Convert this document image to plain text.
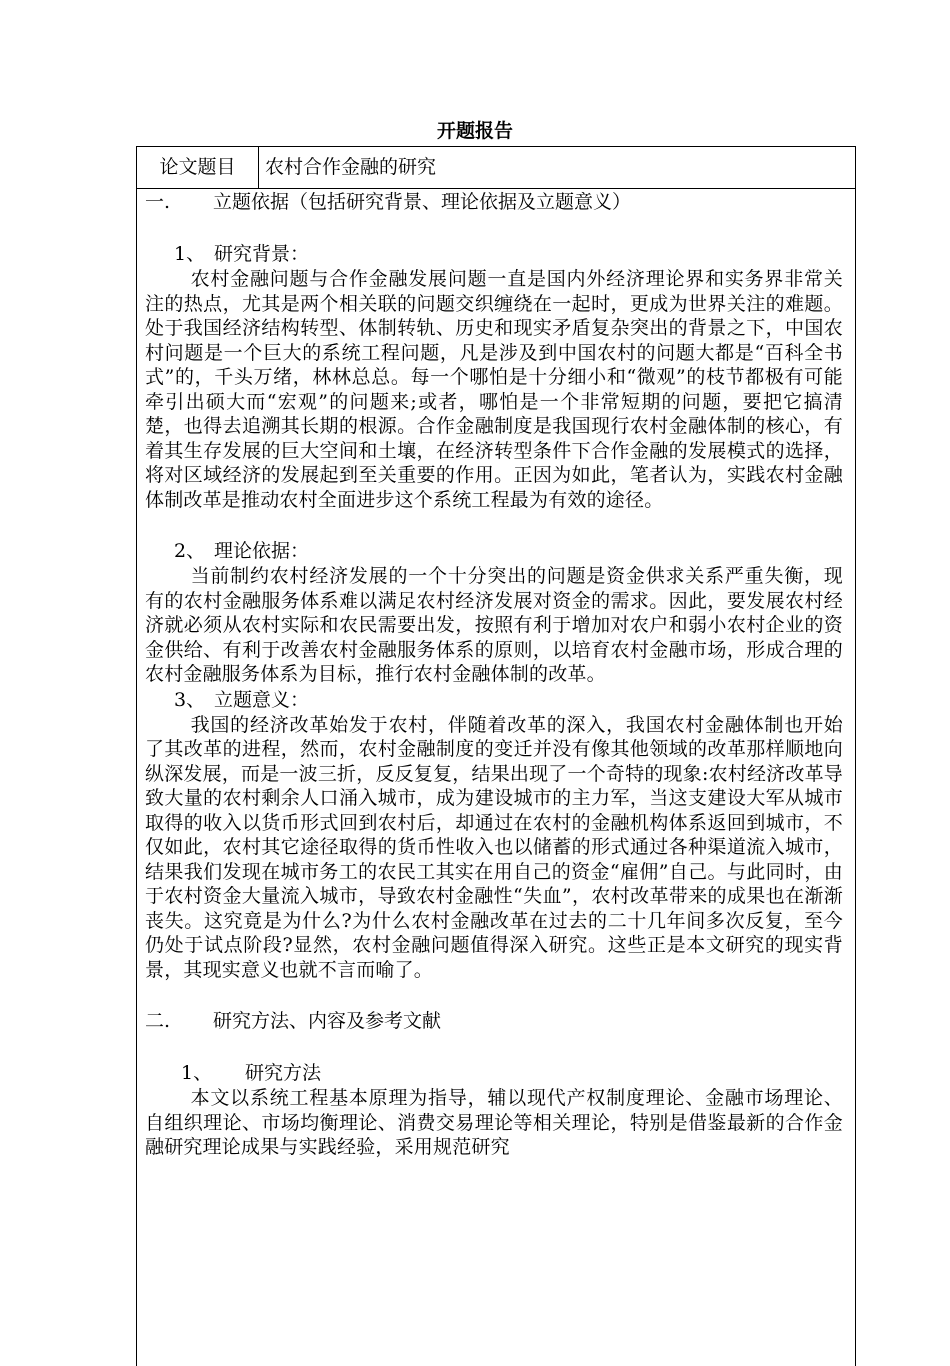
开题报告
论文题目	农村合作金融的研究
一. 立题依据（包括研究背景、理论依据及立题意义）
1、 研究背景：

农村金融问题与合作金融发展问题一直是国内外经济理论界和实务界非常关注的热点，尤其是两个相关联的问题交织缠绕在一起时，更成为世界关注的难题。处于我国经济结构转型、体制转轨、历史和现实矛盾复杂突出的背景之下，中国农村问题是一个巨大的系统工程问题，凡是涉及到中国农村的问题大都是“百科全书式”的，千头万绪，林林总总。每一个哪怕是十分细小和“微观”的枝节都极有可能牵引出硕大而“宏观”的问题来;或者，哪怕是一个非常短期的问题，要把它搞清楚，也得去追溯其长期的根源。合作金融制度是我国现行农村金融体制的核心，有着其生存发展的巨大空间和土壤，在经济转型条件下合作金融的发展模式的选择，将对区域经济的发展起到至关重要的作用。正因为如此，笔者认为，实践农村金融体制改革是推动农村全面进步这个系统工程最为有效的途径。

2、 理论依据：

当前制约农村经济发展的一个十分突出的问题是资金供求关系严重失衡，现有的农村金融服务体系难以满足农村经济发展对资金的需求。因此，要发展农村经济就必须从农村实际和农民需要出发，按照有利于增加对农户和弱小农村企业的资金供给、有利于改善农村金融服务体系的原则，以培育农村金融市场，形成合理的农村金融服务体系为目标，推行农村金融体制的改革。

3、 立题意义：

我国的经济改革始发于农村，伴随着改革的深入，我国农村金融体制也开始了其改革的进程，然而，农村金融制度的变迁并没有像其他领域的改革那样顺地向纵深发展，而是一波三折，反反复复，结果出现了一个奇特的现象:农村经济改革导致大量的农村剩余人口涌入城市，成为建设城市的主力军，当这支建设大军从城市取得的收入以货币形式回到农村后，却通过在农村的金融机构体系返回到城市，不仅如此，农村其它途径取得的货币性收入也以储蓄的形式通过各种渠道流入城市，结果我们发现在城市务工的农民工其实在用自己的资金“雇佣”自己。与此同时，由于农村资金大量流入城市，导致农村金融性“失血”，农村改革带来的成果也在渐渐丧失。这究竟是为什么?为什么农村金融改革在过去的二十几年间多次反复，至今仍处于试点阶段?显然，农村金融问题值得深入研究。这些正是本文研究的现实背景，其现实意义也就不言而喻了。

二. 研究方法、内容及参考文献
1、 研究方法

本文以系统工程基本原理为指导，辅以现代产权制度理论、金融市场理论、自组织理论、市场均衡理论、消费交易理论等相关理论，特别是借鉴最新的合作金融研究理论成果与实践经验，采用规范研究
